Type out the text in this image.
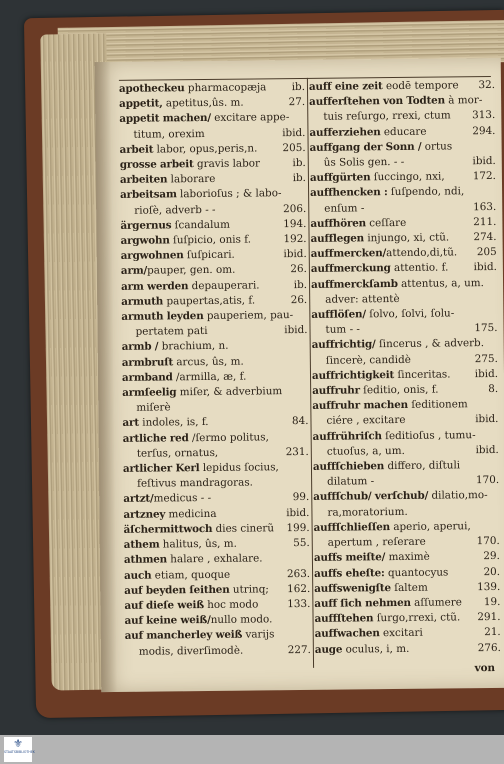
apotheckeu pharmacopæja ib.
appetit, apetitus,ûs. m.	27.
appetit machen/ excitare appe-
titum, orexim	ibid.
arbeit labor, opus,peris,n. 205.
grosse arbeit gravis labor	ib.
arbeiten laborare	ib.
arbeitsam laborioſus ; & labo-
rioſè, adverb - -	206.
ärgernus ſcandalum	194.
argwohn ſuſpicio, onis f.	192.
argwohnen ſuſpicari.	ibid.
arm/pauper, gen. om.	26.
arm werden depauperari.	ib.
armuth paupertas,atis, f.	26.
armuth leyden pauperiem, pau-
pertatem pati	ibid.
armb / brachium, n.
armbruſt arcus, ûs, m.
armband /armilla, æ, f.
armſeelig miſer, & adverbium
miſerè
art indoles, is, f.	84.
artliche red /ſermo politus,
terſus, ornatus,	231.
artlicher Kerl lepidus ſocius,
feſtivus mandragoras.
artzt/medicus - -	99.
artzney medicina	ibid.
äſchermittwoch dies cinerũ 199.
athem halitus, ûs, m.	55.
athmen halare , exhalare.
auch etiam, quoque	263.
auf beyden ſeithen utrinq; 162.
auf dieſe weiß hoc modo	133.
auf keine weiß/nullo modo.
auf mancherley weiß varijs
modis, diverſimodè.	227.
auff eine zeit eodē tempore 32.
aufferſtehen von Todten à mor-
tuis reſurgo, rrexi, ctum 313.
aufferziehen educare	294.
auffgang der Sonn / ortus
ûs Solis gen. - -	ibid.
auffgürten ſuccingo, nxi,	172.
auffhencken : ſuſpendo, ndi,
enſum -	163.
auffhören ceſſare	211.
aufflegen injungo, xi, ctũ. 274.
auffmercken/attendo,di,tũ. 205
auffmerckung attentio. f. ibid.
auffmerckſamb attentus, a, um.
adver: attentè
aufflöſen/ ſolvo, ſolvi, ſolu-
tum - -	175.
auffrichtig/ ſincerus , & adverb.
ſincerè, candidè	275.
auffrichtigkeit ſinceritas. ibid.
auffruhr ſeditio, onis, f.	8.
auffruhr machen ſeditionem
ciére , excitare	ibid.
auffrühriſch ſeditioſus , tumu-
ctuoſus, a, um.	ibid.
auffſchieben differo, diſtuli
dilatum -	170.
auffſchub/ verſchub/ dilatio,mo-
ra,moratorium.
auffſchlieſſen aperio, aperui,
apertum , reſerare	170.
auffs meiſte/ maximè	29.
auffs eheſte: quantocyus	20.
auffswenigſte ſaltem	139.
auff ſich nehmen aſſumere 19.
auffſtehen ſurgo,rrexi, ctũ. 291.
auffwachen excitari	21.
auge oculus, i, m.	276.
von
⚜
STAATSBIBLIOTHEK
